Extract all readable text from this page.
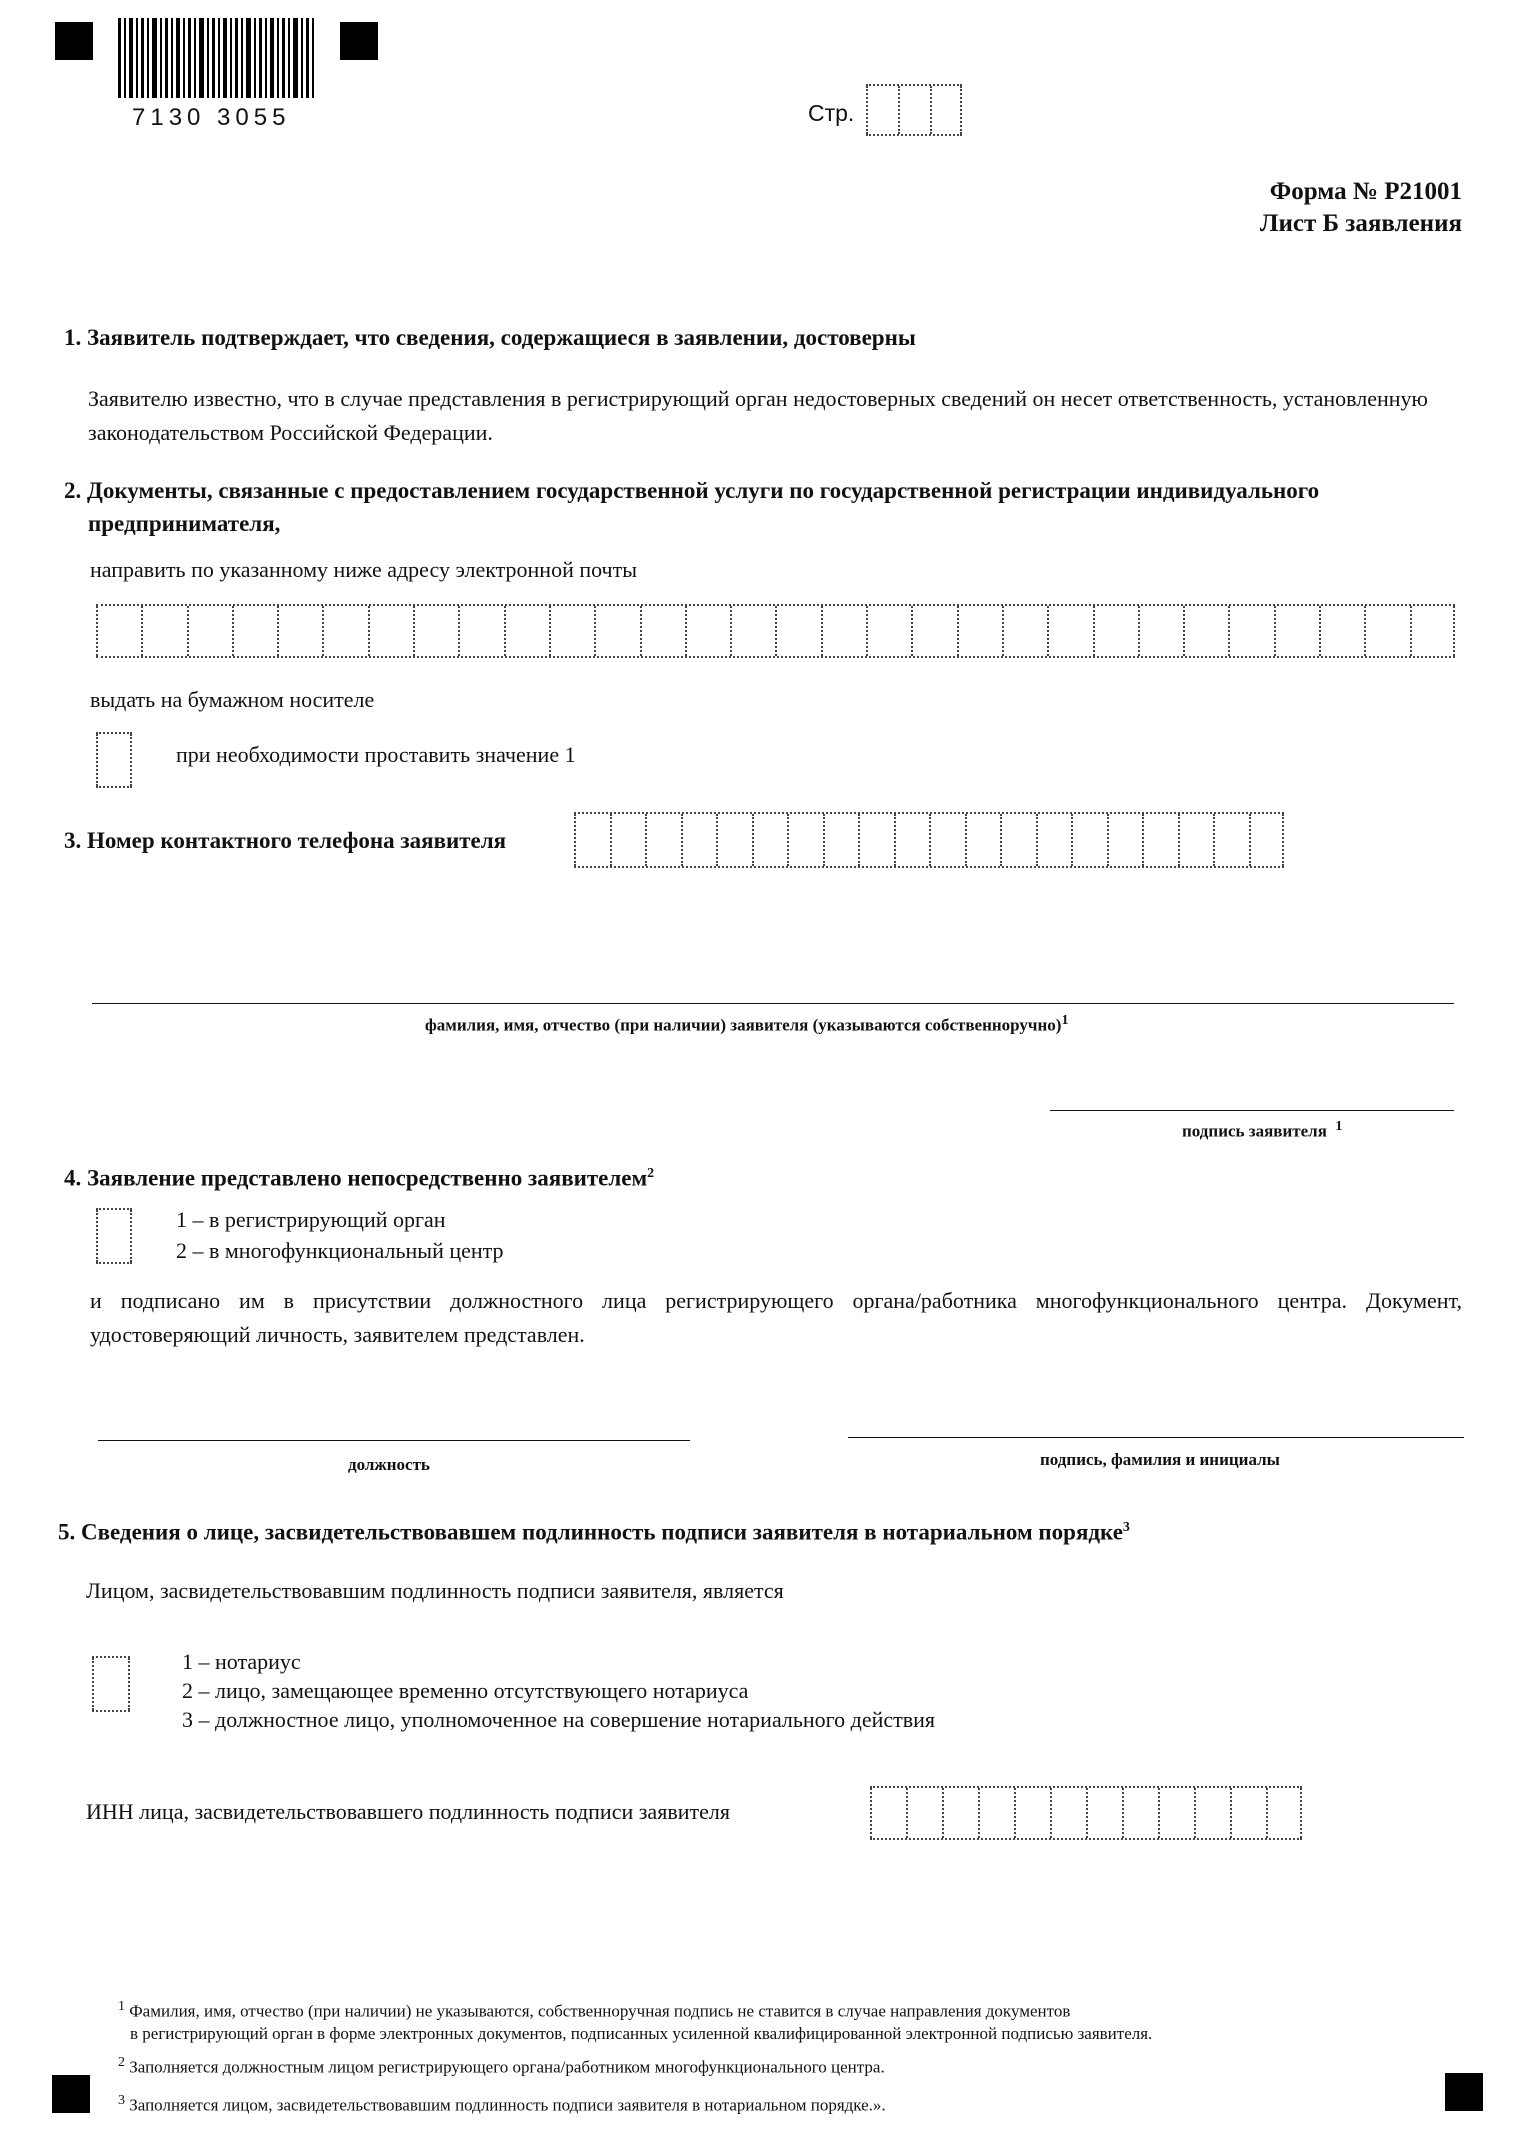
7130 3055	Стр.
Форма № Р21001
Лист Б заявления
1. Заявитель подтверждает, что сведения, содержащиеся в заявлении, достоверны
Заявителю известно, что в случае представления в регистрирующий орган недостоверных сведений он несет ответственность, установленную законодательством Российской Федерации.
2. Документы, связанные с предоставлением государственной услуги по государственной регистрации индивидуального
предпринимателя,
направить по указанному ниже адресу электронной почты
выдать на бумажном носителе
при необходимости проставить значение 1
3. Номер контактного телефона заявителя
фамилия, имя, отчество (при наличии) заявителя (указываются собственноручно)$^1$
подпись заявителя $^1$
4. Заявление представлено непосредственно заявителем$^2$
1 – в регистрирующий орган
2 – в многофункциональный центр
и подписано им в присутствии должностного лица регистрирующего органа/работника многофункционального центра. Документ, удостоверяющий личность, заявителем представлен.
должность	подпись, фамилия и инициалы
5. Сведения о лице, засвидетельствовавшем подлинность подписи заявителя в нотариальном порядке$^3$
Лицом, засвидетельствовавшим подлинность подписи заявителя, является
1 – нотариус
2 – лицо, замещающее временно отсутствующего нотариуса
3 – должностное лицо, уполномоченное на совершение нотариального действия
ИНН лица, засвидетельствовавшего подлинность подписи заявителя
$^1$ Фамилия, имя, отчество (при наличии) не указываются, собственноручная подпись не ставится в случае направления документов
в регистрирующий орган в форме электронных документов, подписанных усиленной квалифицированной электронной подписью заявителя.
$^2$ Заполняется должностным лицом регистрирующего органа/работником многофункционального центра.
$^3$ Заполняется лицом, засвидетельствовавшим подлинность подписи заявителя в нотариальном порядке.».
